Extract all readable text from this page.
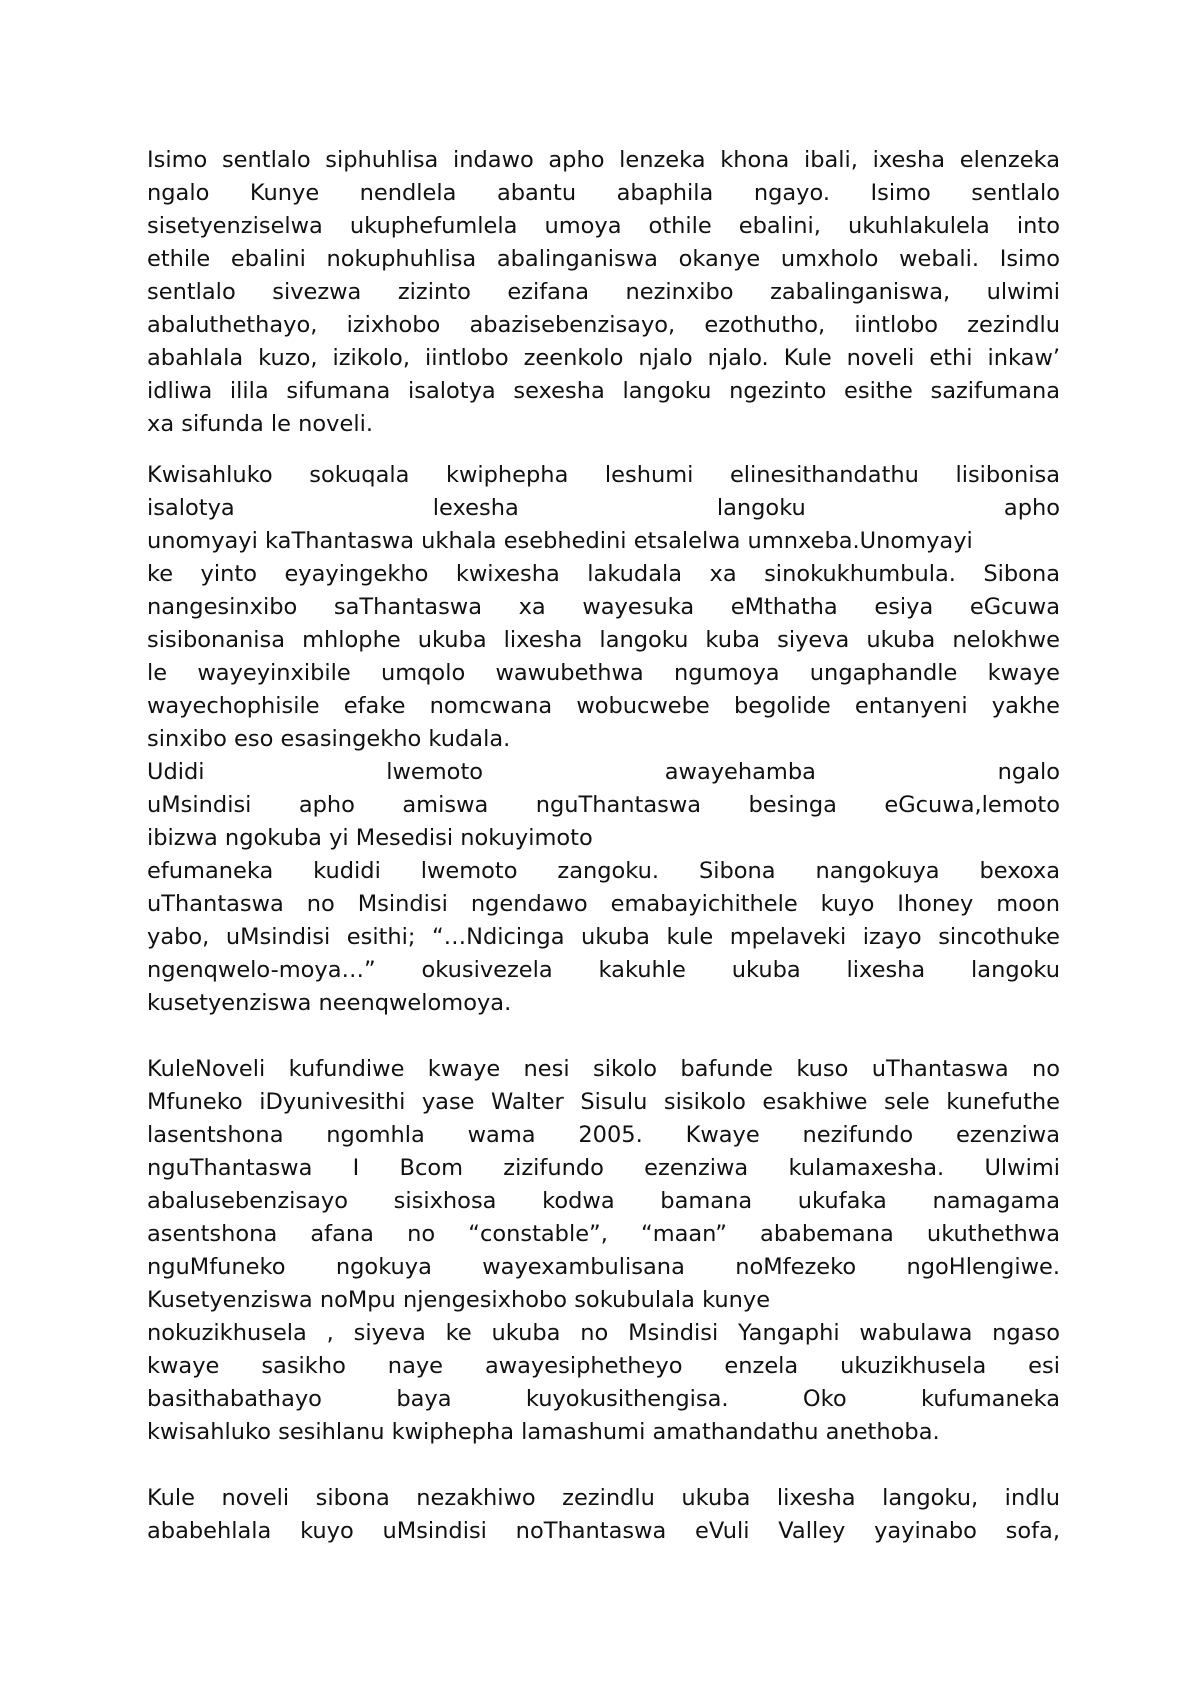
Isimo sentlalo siphuhlisa indawo apho lenzeka khona ibali, ixesha elenzeka
ngalo Kunye nendlela abantu abaphila ngayo. Isimo sentlalo
sisetyenziselwa ukuphefumlela umoya othile ebalini, ukuhlakulela into
ethile ebalini nokuphuhlisa abalinganiswa okanye umxholo webali. Isimo
sentlalo sivezwa zizinto ezifana nezinxibo zabalinganiswa, ulwimi
abaluthethayo, izixhobo abazisebenzisayo, ezothutho, iintlobo zezindlu
abahlala kuzo, izikolo, iintlobo zeenkolo njalo njalo. Kule noveli ethi inkaw’
idliwa ilila sifumana isalotya sexesha langoku ngezinto esithe sazifumana
xa sifunda le noveli.
Kwisahluko sokuqala kwiphepha leshumi elinesithandathu lisibonisa
isalotya lexesha langoku apho
unomyayi kaThantaswa ukhala esebhedini etsalelwa umnxeba.Unomyayi
ke yinto eyayingekho kwixesha lakudala xa sinokukhumbula. Sibona
nangesinxibo saThantaswa xa wayesuka eMthatha esiya eGcuwa
sisibonanisa mhlophe ukuba lixesha langoku kuba siyeva ukuba nelokhwe
le wayeyinxibile umqolo wawubethwa ngumoya ungaphandle kwaye
wayechophisile efake nomcwana wobucwebe begolide entanyeni yakhe
sinxibo eso esasingekho kudala.
Udidi lwemoto awayehamba ngalo
uMsindisi apho amiswa nguThantaswa besinga eGcuwa,lemoto
ibizwa ngokuba yi Mesedisi nokuyimoto
efumaneka kudidi lwemoto zangoku. Sibona nangokuya bexoxa
uThantaswa no Msindisi ngendawo emabayichithele kuyo Ihoney moon
yabo, uMsindisi esithi; “…Ndicinga ukuba kule mpelaveki izayo sincothuke
ngenqwelo-moya…” okusivezela kakuhle ukuba lixesha langoku
kusetyenziswa neenqwelomoya.
KuleNoveli kufundiwe kwaye nesi sikolo bafunde kuso uThantaswa no
Mfuneko iDyunivesithi yase Walter Sisulu sisikolo esakhiwe sele kunefuthe
lasentshona ngomhla wama 2005. Kwaye nezifundo ezenziwa
nguThantaswa I Bcom zizifundo ezenziwa kulamaxesha. Ulwimi
abalusebenzisayo sisixhosa kodwa bamana ukufaka namagama
asentshona afana no “constable”, “maan” ababemana ukuthethwa
nguMfuneko ngokuya wayexambulisana noMfezeko ngoHlengiwe.
Kusetyenziswa noMpu njengesixhobo sokubulala kunye
nokuzikhusela , siyeva ke ukuba no Msindisi Yangaphi wabulawa ngaso
kwaye sasikho naye awayesiphetheyo enzela ukuzikhusela esi
basithabathayo baya kuyokusithengisa. Oko kufumaneka
kwisahluko sesihlanu kwiphepha lamashumi amathandathu anethoba.
Kule noveli sibona nezakhiwo zezindlu ukuba lixesha langoku, indlu
ababehlala kuyo uMsindisi noThantaswa eVuli Valley yayinabo sofa,
